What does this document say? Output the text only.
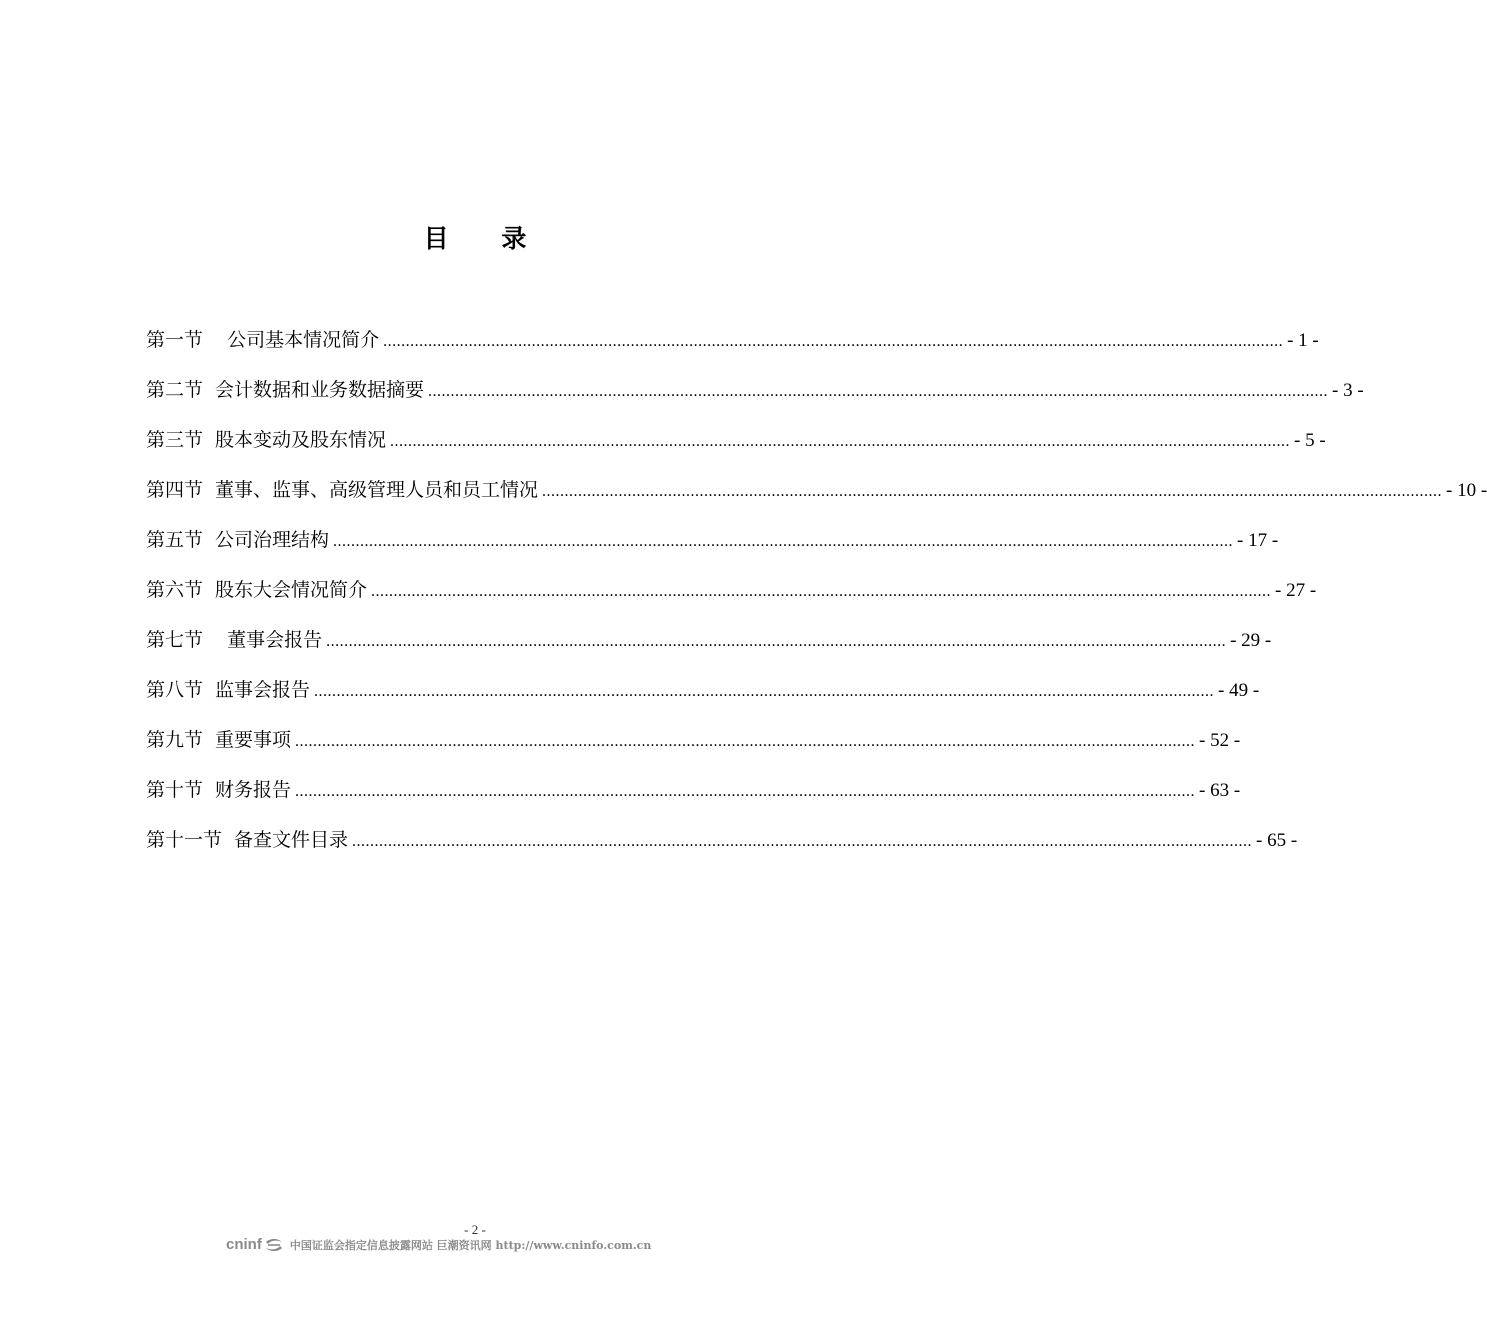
目 录
第一节 公司基本情况简介 ........................................................................................................................................................................................................ - 1 -
第二节 会计数据和业务数据摘要 ........................................................................................................................................................................................................ - 3 -
第三节 股本变动及股东情况 ........................................................................................................................................................................................................ - 5 -
第四节 董事、监事、高级管理人员和员工情况 ........................................................................................................................................................................................................ - 10 -
第五节 公司治理结构 ........................................................................................................................................................................................................ - 17 -
第六节 股东大会情况简介 ........................................................................................................................................................................................................ - 27 -
第七节 董事会报告 ........................................................................................................................................................................................................ - 29 -
第八节 监事会报告 ........................................................................................................................................................................................................ - 49 -
第九节 重要事项 ........................................................................................................................................................................................................ - 52 -
第十节 财务报告 ........................................................................................................................................................................................................ - 63 -
第十一节 备查文件目录 ........................................................................................................................................................................................................ - 65 -
- 2 -
cninf	中国证监会指定信息披露网站 巨潮资讯网 http://www.cninfo.com.cn
